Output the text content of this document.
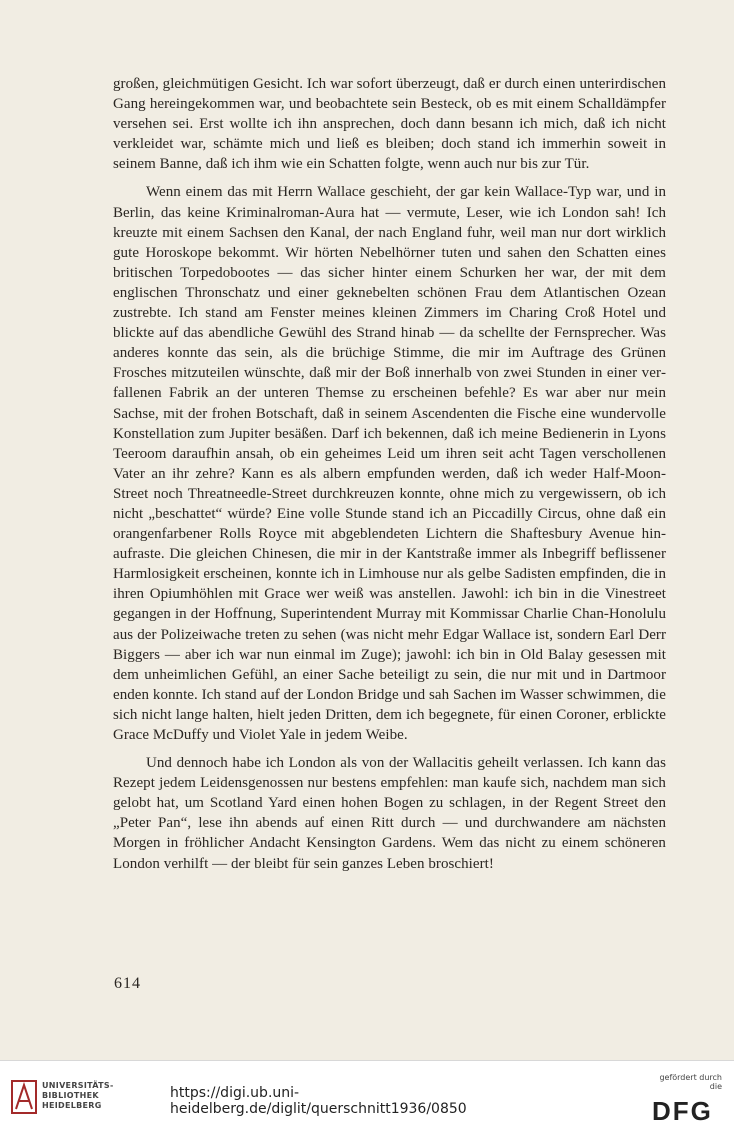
großen, gleichmütigen Gesicht. Ich war sofort überzeugt, daß er durch einen unterirdischen Gang hereingekommen war, und beobachtete sein Besteck, ob es mit einem Schalldämpfer versehen sei. Erst wollte ich ihn ansprechen, doch dann besann ich mich, daß ich nicht verkleidet war, schämte mich und ließ es bleiben; doch stand ich immerhin soweit in seinem Banne, daß ich ihm wie ein Schatten folgte, wenn auch nur bis zur Tür.

Wenn einem das mit Herrn Wallace geschieht, der gar kein Wallace-Typ war, und in Berlin, das keine Kriminalroman-Aura hat — vermute, Leser, wie ich London sah! Ich kreuzte mit einem Sachsen den Kanal, der nach England fuhr, weil man nur dort wirklich gute Horoskope bekommt. Wir hörten Nebelhörner tuten und sahen den Schatten eines britischen Torpedobootes — das sicher hinter einem Schurken her war, der mit dem englischen Thronschatz und einer geknebelten schönen Frau dem Atlantischen Ozean zustrebte. Ich stand am Fenster meines kleinen Zimmers im Charing Croß Hotel und blickte auf das abendliche Gewühl des Strand hinab — da schellte der Fernsprecher. Was anderes konnte das sein, als die brüchige Stimme, die mir im Auftrage des Grünen Frosches mitzuteilen wünschte, daß mir der Boß innerhalb von zwei Stunden in einer verfallenen Fabrik an der unteren Themse zu erscheinen befehle? Es war aber nur mein Sachse, mit der frohen Botschaft, daß in seinem Ascendenten die Fische eine wundervolle Konstellation zum Jupiter besäßen. Darf ich bekennen, daß ich meine Bedienerin in Lyons Teeroom daraufhin ansah, ob ein geheimes Leid um ihren seit acht Tagen verschollenen Vater an ihr zehre? Kann es als albern empfunden werden, daß ich weder Half-Moon-Street noch Threatneedle-Street durchkreuzen konnte, ohne mich zu vergewissern, ob ich nicht „beschattet“ würde? Eine volle Stunde stand ich an Piccadilly Circus, ohne daß ein orangenfarbener Rolls Royce mit abgeblendeten Lichtern die Shaftesbury Avenue hinaufraste. Die gleichen Chinesen, die mir in der Kantstraße immer als Inbegriff beflissener Harmlosigkeit erscheinen, konnte ich in Limhouse nur als gelbe Sadisten empfinden, die in ihren Opiumhöhlen mit Grace wer weiß was anstellen. Jawohl: ich bin in die Vinestreet gegangen in der Hoffnung, Superintendent Murray mit Kommissar Charlie Chan-Honolulu aus der Polizeiwache treten zu sehen (was nicht mehr Edgar Wallace ist, sondern Earl Derr Biggers — aber ich war nun einmal im Zuge); jawohl: ich bin in Old Balay gesessen mit dem unheimlichen Gefühl, an einer Sache beteiligt zu sein, die nur mit und in Dartmoor enden konnte. Ich stand auf der London Bridge und sah Sachen im Wasser schwimmen, die sich nicht lange halten, hielt jeden Dritten, dem ich begegnete, für einen Coroner, erblickte Grace McDuffy und Violet Yale in jedem Weibe.

Und dennoch habe ich London als von der Wallacitis geheilt verlassen. Ich kann das Rezept jedem Leidensgenossen nur bestens empfehlen: man kaufe sich, nachdem man sich gelobt hat, um Scotland Yard einen hohen Bogen zu schlagen, in der Regent Street den „Peter Pan“, lese ihn abends auf einen Ritt durch — und durchwandere am nächsten Morgen in fröhlicher Andacht Kensington Gardens. Wem das nicht zu einem schöneren London verhilft — der bleibt für sein ganzes Leben broschiert!

614
UNIVERSITÄTS-
BIBLIOTHEK
HEIDELBERG
https://digi.ub.uni-heidelberg.de/diglit/querschnitt1936/0850
gefördert durch die
DFG
